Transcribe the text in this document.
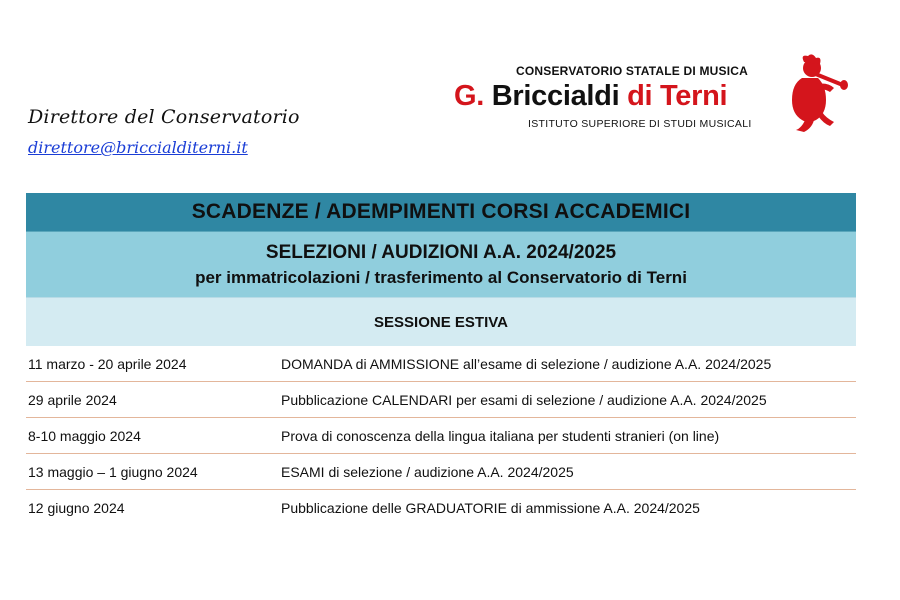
Direttore del Conservatorio
direttore@briccialditerni.it
CONSERVATORIO STATALE DI MUSICA
G. Briccialdi di Terni
ISTITUTO SUPERIORE DI STUDI MUSICALI
SCADENZE / ADEMPIMENTI CORSI ACCADEMICI
SELEZIONI / AUDIZIONI A.A. 2024/2025
per immatricolazioni / trasferimento al Conservatorio di Terni
SESSIONE ESTIVA
11 marzo - 20 aprile 2024	DOMANDA di AMMISSIONE all’esame di selezione / audizione A.A. 2024/2025
29 aprile 2024	Pubblicazione CALENDARI per esami di selezione / audizione A.A. 2024/2025
8-10 maggio 2024	Prova di conoscenza della lingua italiana per studenti stranieri (on line)
13 maggio – 1 giugno 2024	ESAMI di selezione / audizione A.A. 2024/2025
12 giugno 2024	Pubblicazione delle GRADUATORIE di ammissione A.A. 2024/2025
